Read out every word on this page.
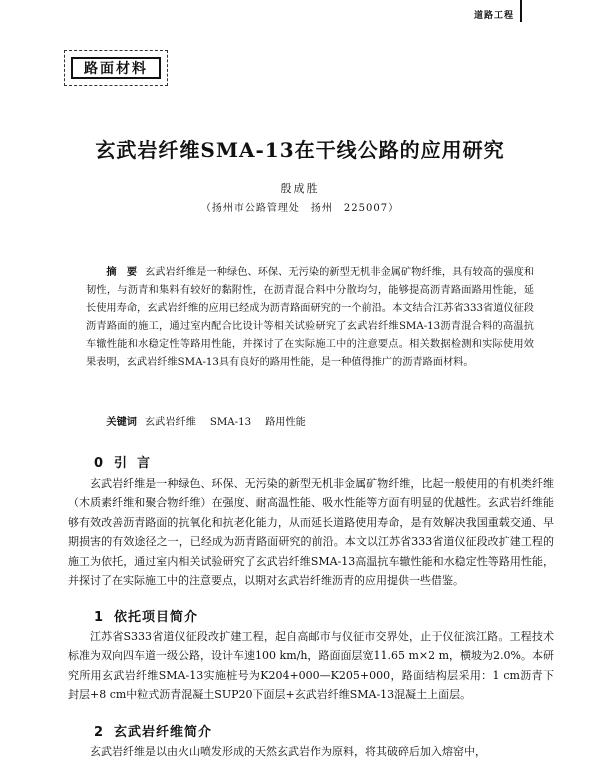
道路工程
路面材料
玄武岩纤维SMA-13在干线公路的应用研究
殷成胜
（扬州市公路管理处　扬州　225007）

摘　要 玄武岩纤维是一种绿色、环保、无污染的新型无机非金属矿物纤维，具有较高的强度和韧性，与沥青和集料有较好的黏附性，在沥青混合料中分散均匀，能够提高沥青路面路用性能，延长使用寿命，玄武岩纤维的应用已经成为沥青路面研究的一个前沿。本文结合江苏省333省道仪征段沥青路面的施工，通过室内配合比设计等相关试验研究了玄武岩纤维SMA-13沥青混合料的高温抗车辙性能和水稳定性等路用性能，并探讨了在实际施工中的注意要点。相关数据检测和实际使用效果表明，玄武岩纤维SMA-13具有良好的路用性能，是一种值得推广的沥青路面材料。

关键词 玄武岩纤维 SMA-13 路用性能
0 引言

玄武岩纤维是一种绿色、环保、无污染的新型无机非金属矿物纤维，比起一般使用的有机类纤维（木质素纤维和聚合物纤维）在强度、耐高温性能、吸水性能等方面有明显的优越性。玄武岩纤维能够有效改善沥青路面的抗氧化和抗老化能力，从而延长道路使用寿命，是有效解决我国重载交通、早期损害的有效途径之一，已经成为沥青路面研究的前沿。本文以江苏省333省道仪征段改扩建工程的施工为依托，通过室内相关试验研究了玄武岩纤维SMA-13高温抗车辙性能和水稳定性等路用性能，并探讨了在实际施工中的注意要点，以期对玄武岩纤维沥青的应用提供一些借鉴。

1 依托项目简介

江苏省S333省道仪征段改扩建工程，起自高邮市与仪征市交界处，止于仪征滨江路。工程技术标准为双向四车道一级公路，设计车速100 km/h，路面面层宽11.65 m×2 m，横坡为2.0%。本研究所用玄武岩纤维SMA-13实施桩号为K204+000—K205+000，路面结构层采用：1 cm沥青下封层+8 cm中粒式沥青混凝土SUP20下面层+玄武岩纤维SMA-13混凝土上面层。

2 玄武岩纤维简介

玄武岩纤维是以由火山喷发形成的天然玄武岩作为原料，将其破碎后加入熔窑中，
